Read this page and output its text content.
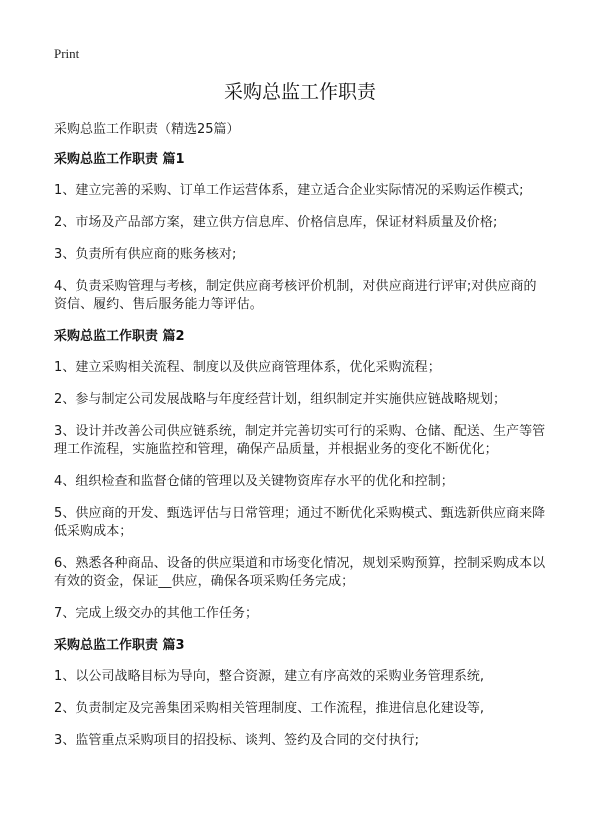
Print
采购总监工作职责

采购总监工作职责（精选25篇）

采购总监工作职责 篇1

1、建立完善的采购、订单工作运营体系，建立适合企业实际情况的采购运作模式;

2、市场及产品部方案，建立供方信息库、价格信息库，保证材料质量及价格;

3、负责所有供应商的账务核对;

4、负责采购管理与考核，制定供应商考核评价机制，对供应商进行评审;对供应商的资信、履约、售后服务能力等评估。

采购总监工作职责 篇2

1、建立采购相关流程、制度以及供应商管理体系，优化采购流程；

2、参与制定公司发展战略与年度经营计划，组织制定并实施供应链战略规划；

3、设计并改善公司供应链系统，制定并完善切实可行的采购、仓储、配送、生产等管理工作流程，实施监控和管理，确保产品质量，并根据业务的变化不断优化；

4、组织检查和监督仓储的管理以及关键物资库存水平的优化和控制；

5、供应商的开发、甄选评估与日常管理；通过不断优化采购模式、甄选新供应商来降低采购成本；

6、熟悉各种商品、设备的供应渠道和市场变化情况，规划采购预算，控制采购成本以有效的资金，保证__供应，确保各项采购任务完成；

7、完成上级交办的其他工作任务；

采购总监工作职责 篇3

1、以公司战略目标为导向，整合资源，建立有序高效的采购业务管理系统,

2、负责制定及完善集团采购相关管理制度、工作流程，推进信息化建设等,

3、监管重点采购项目的招投标、谈判、签约及合同的交付执行;
